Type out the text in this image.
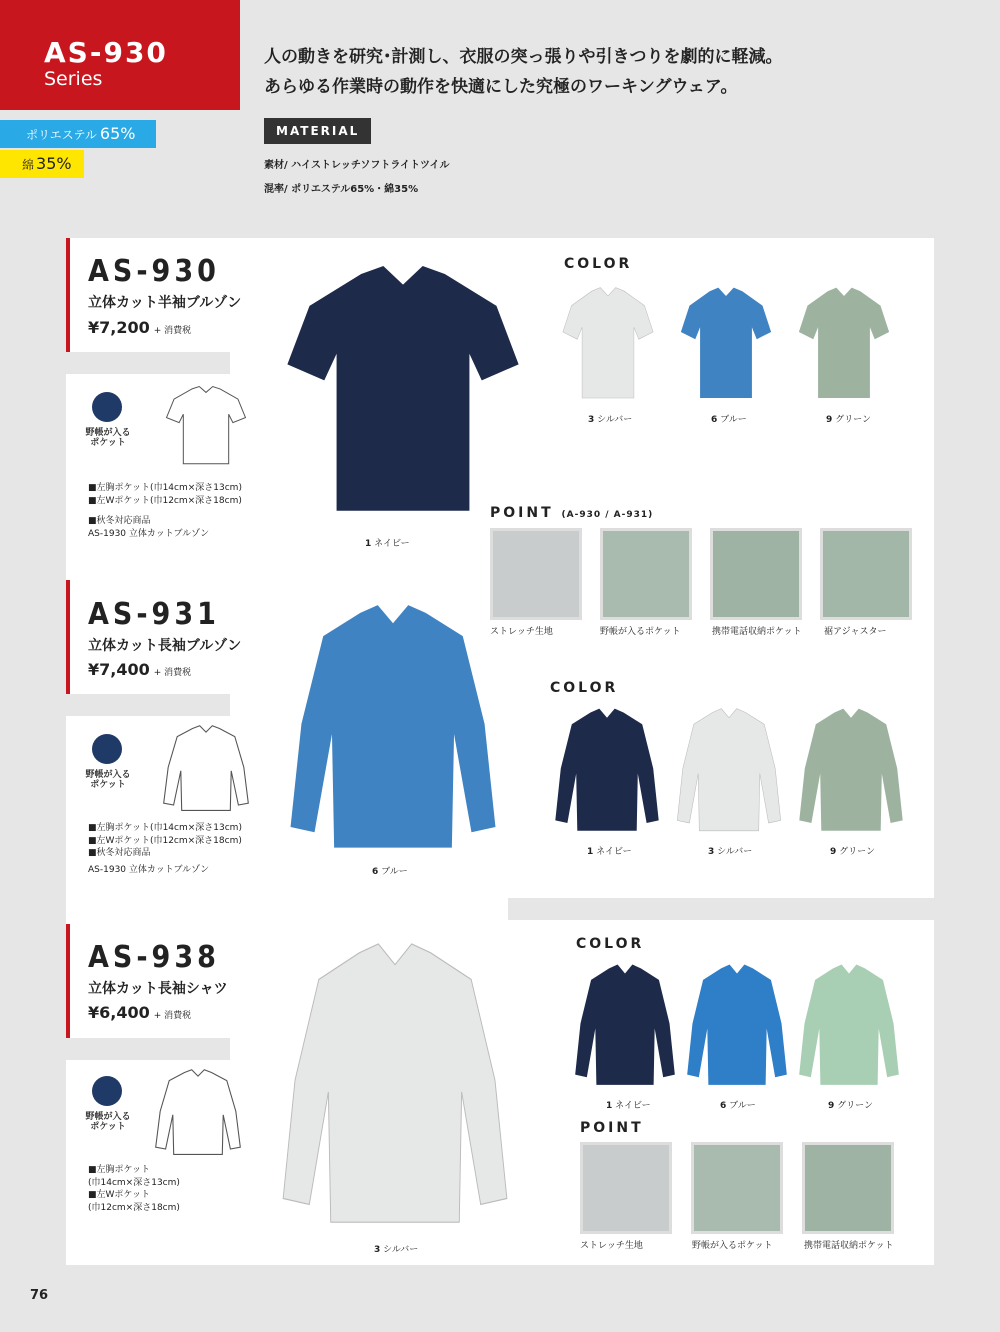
AS-930
Series
ポリエステル 65%
綿 35%
人の動きを研究･計測し、衣服の突っ張りや引きつりを劇的に軽減。
あらゆる作業時の動作を快適にした究極のワーキングウェア。
MATERIAL
素材/ ハイストレッチソフトライトツイル
混率/ ポリエステル65%・綿35%
AS-930
立体カット半袖ブルゾン
¥7,200 + 消費税
野帳が入る
ポケット
■左胸ポケット(巾14cm×深さ13cm)
■左Wポケット(巾12cm×深さ18cm)
■秋冬対応商品
AS-1930 立体カットブルゾン
1 ネイビー
COLOR
3 シルバー	6 ブルー	9 グリーン
POINT (A-930 / A-931)
ストレッチ生地	野帳が入るポケット	携帯電話収納ポケット 裾アジャスター
AS-931
立体カット長袖ブルゾン
¥7,400 + 消費税
野帳が入る
ポケット
■左胸ポケット(巾14cm×深さ13cm)
■左Wポケット(巾12cm×深さ18cm)
■秋冬対応商品
AS-1930 立体カットブルゾン	6 ブルー
COLOR
1 ネイビー	3 シルバー	9 グリーン
AS-938
立体カット長袖シャツ
¥6,400 + 消費税
野帳が入る
ポケット
■左胸ポケット
(巾14cm×深さ13cm)
■左Wポケット
(巾12cm×深さ18cm)
3 シルバー
COLOR
1 ネイビー	6 ブルー	9 グリーン
POINT
ストレッチ生地	野帳が入るポケット	携帯電話収納ポケット
76
